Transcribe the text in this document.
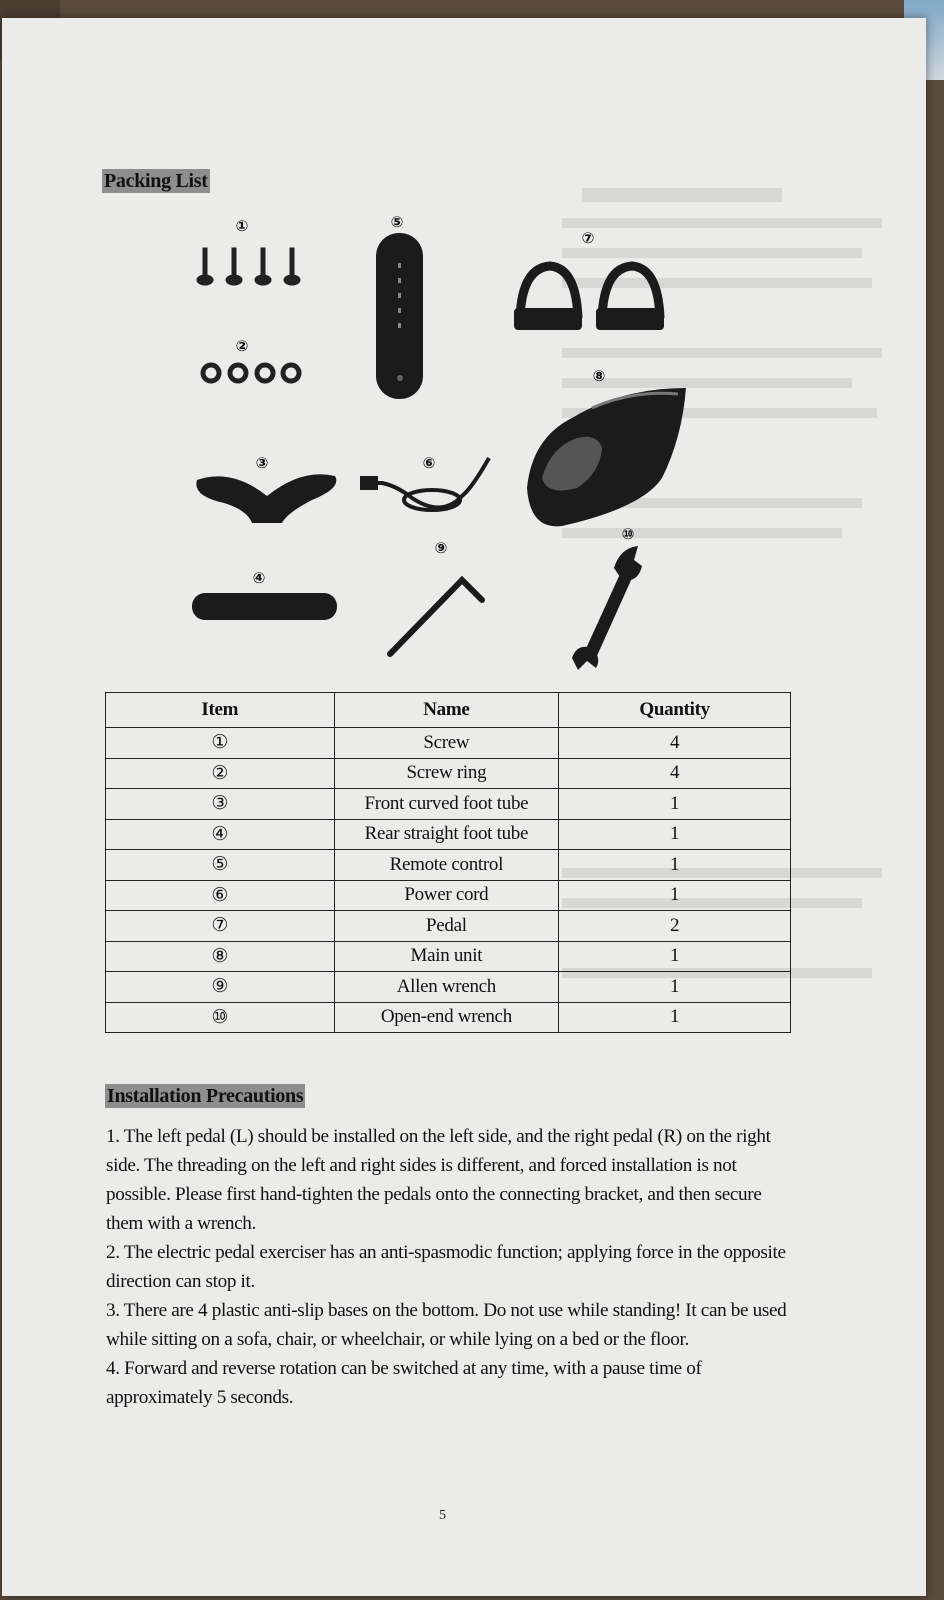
Packing List
①
②
③
④
⑤
⑥
⑦
⑧
⑨
⑩
Item	Name	Quantity
①	Screw	4
②	Screw ring	4
③	Front curved foot tube	1
④	Rear straight foot tube	1
⑤	Remote control	1
⑥	Power cord	1
⑦	Pedal	2
⑧	Main unit	1
⑨	Allen wrench	1
⑩	Open-end wrench	1
Installation Precautions

1. The left pedal (L) should be installed on the left side, and the right pedal (R) on the right side. The threading on the left and right sides is different, and forced installation is not possible. Please first hand-tighten the pedals onto the connecting bracket, and then secure them with a wrench.

2. The electric pedal exerciser has an anti-spasmodic function; applying force in the opposite direction can stop it.

3. There are 4 plastic anti-slip bases on the bottom. Do not use while standing! It can be used while sitting on a sofa, chair, or wheelchair, or while lying on a bed or the floor.

4. Forward and reverse rotation can be switched at any time, with a pause time of approximately 5 seconds.

5
